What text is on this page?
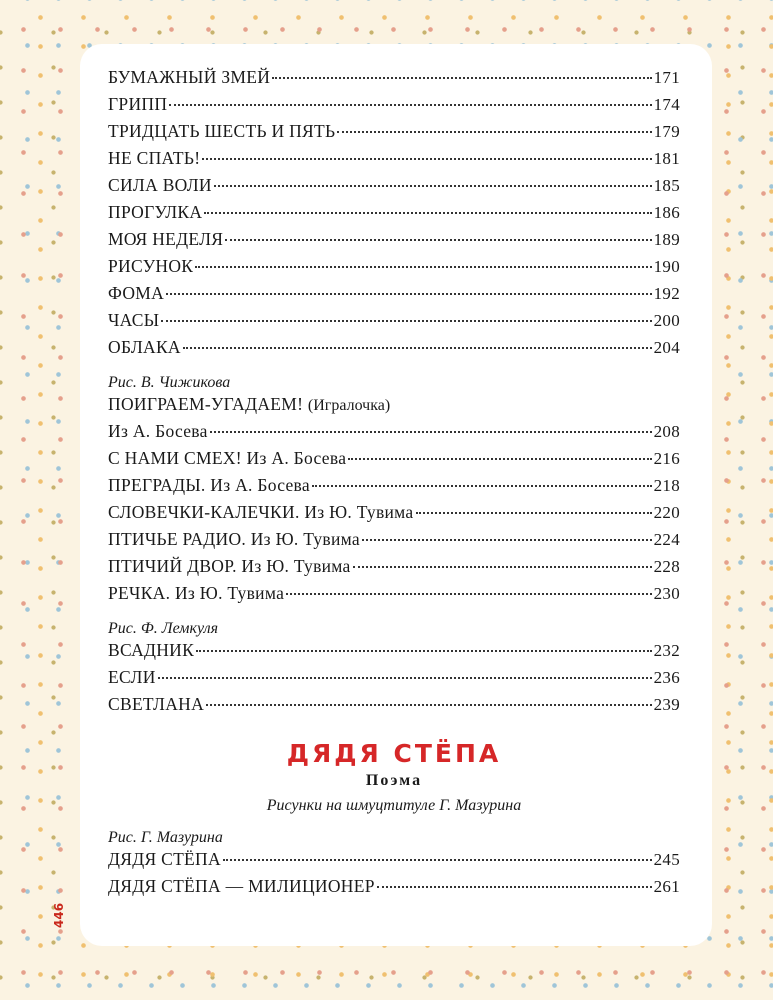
БУМАЖНЫЙ ЗМЕЙ	171
ГРИПП	174
ТРИДЦАТЬ ШЕСТЬ И ПЯТЬ	179
НЕ СПАТЬ!	181
СИЛА ВОЛИ	185
ПРОГУЛКА	186
МОЯ НЕДЕЛЯ	189
РИСУНОК	190
ФОМА	192
ЧАСЫ	200
ОБЛАКА	204
Рис. В. Чижикова
ПОИГРАЕМ-УГАДАЕМ! (Игралочка)
Из А. Босева	208
С НАМИ СМЕХ! Из А. Босева	216
ПРЕГРАДЫ. Из А. Босева	218
СЛОВЕЧКИ-КАЛЕЧКИ. Из Ю. Тувима	220
ПТИЧЬЕ РАДИО. Из Ю. Тувима	224
ПТИЧИЙ ДВОР. Из Ю. Тувима	228
РЕЧКА. Из Ю. Тувима	230
Рис. Ф. Лемкуля
ВСАДНИК	232
ЕСЛИ	236
СВЕТЛАНА	239
ДЯДЯ СТЁПА
Поэма
Рисунки на шмуцтитуле Г. Мазурина
Рис. Г. Мазурина
ДЯДЯ СТЁПА	245
ДЯДЯ СТЁПА — МИЛИЦИОНЕР	261
446
